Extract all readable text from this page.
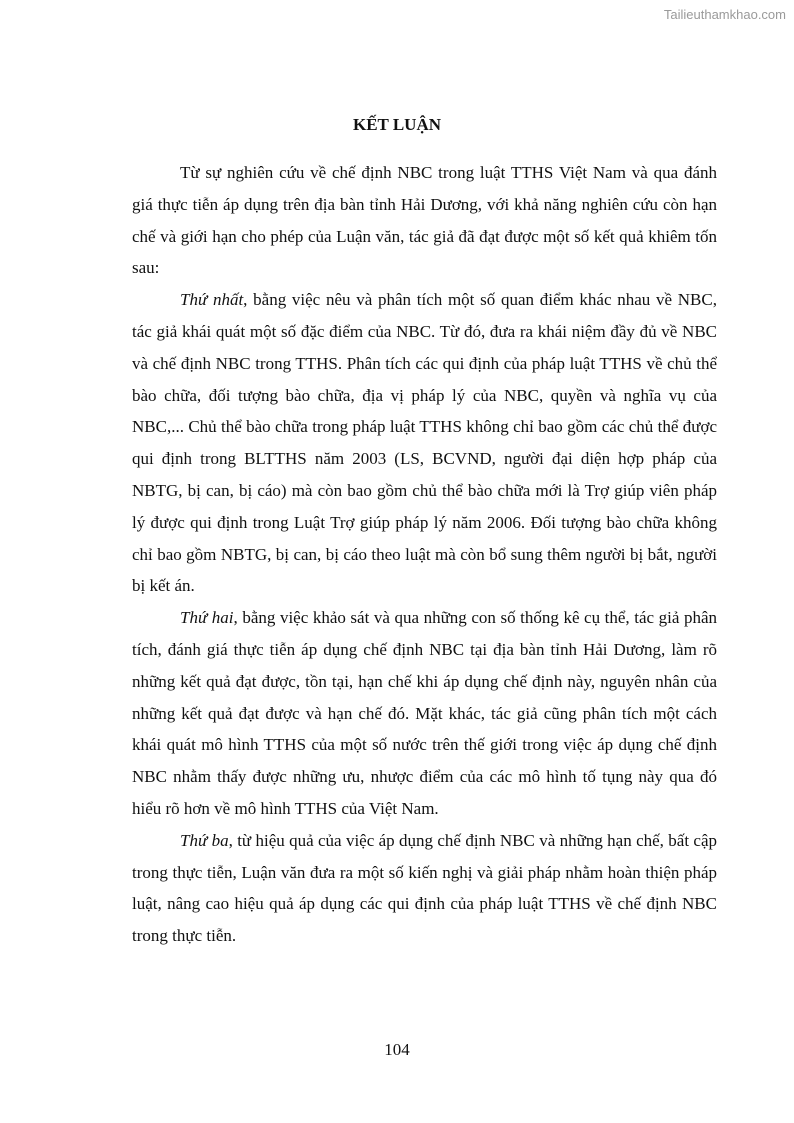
Tailieuthamkhao.com
KẾT LUẬN

Từ sự nghiên cứu về chế định NBC trong luật TTHS Việt Nam và qua đánh giá thực tiễn áp dụng trên địa bàn tỉnh Hải Dương, với khả năng nghiên cứu còn hạn chế và giới hạn cho phép của Luận văn, tác giả đã đạt được một số kết quả khiêm tốn sau:

Thứ nhất, bằng việc nêu và phân tích một số quan điểm khác nhau về NBC, tác giả khái quát một số đặc điểm của NBC. Từ đó, đưa ra khái niệm đầy đủ về NBC và chế định NBC trong TTHS. Phân tích các qui định của pháp luật TTHS về chủ thể bào chữa, đối tượng bào chữa, địa vị pháp lý của NBC, quyền và nghĩa vụ của NBC,... Chủ thể bào chữa trong pháp luật TTHS không chỉ bao gồm các chủ thể được qui định trong BLTTHS năm 2003 (LS, BCVND, người đại diện hợp pháp của NBTG, bị can, bị cáo) mà còn bao gồm chủ thể bào chữa mới là Trợ giúp viên pháp lý được qui định trong Luật Trợ giúp pháp lý năm 2006. Đối tượng bào chữa không chỉ bao gồm NBTG, bị can, bị cáo theo luật mà còn bổ sung thêm người bị bắt, người bị kết án.

Thứ hai, bằng việc khảo sát và qua những con số thống kê cụ thể, tác giả phân tích, đánh giá thực tiễn áp dụng chế định NBC tại địa bàn tỉnh Hải Dương, làm rõ những kết quả đạt được, tồn tại, hạn chế khi áp dụng chế định này, nguyên nhân của những kết quả đạt được và hạn chế đó. Mặt khác, tác giả cũng phân tích một cách khái quát mô hình TTHS của một số nước trên thế giới trong việc áp dụng chế định NBC nhằm thấy được những ưu, nhược điểm của các mô hình tố tụng này qua đó hiểu rõ hơn về mô hình TTHS của Việt Nam.

Thứ ba, từ hiệu quả của việc áp dụng chế định NBC và những hạn chế, bất cập trong thực tiễn, Luận văn đưa ra một số kiến nghị và giải pháp nhằm hoàn thiện pháp luật, nâng cao hiệu quả áp dụng các qui định của pháp luật TTHS về chế định NBC trong thực tiễn.

104
